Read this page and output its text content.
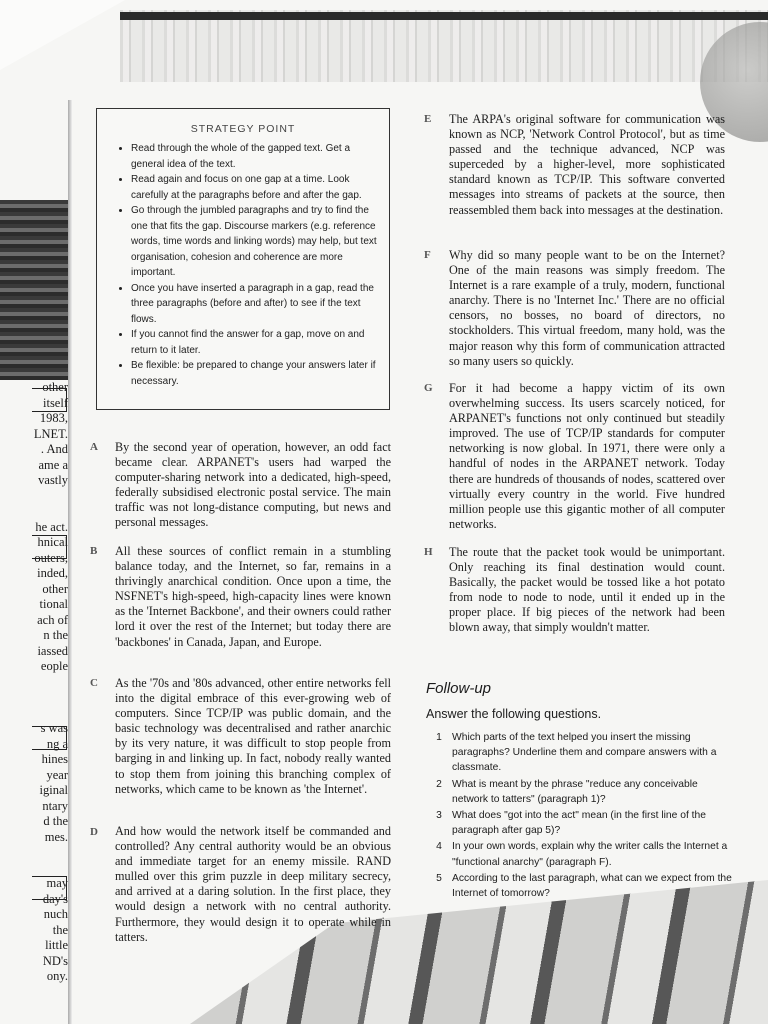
other
itself
1983,
LNET.
. And
ame a
vastly
he act.
hnical
outers,
inded,
other
tional
ach of
n the
iassed
eople
s was
ng a
hines
year
iginal
ntary
d the
mes.
may
day's
nuch
the
little
ND's
ony.
STRATEGY POINT
• Read through the whole of the gapped text. Get a general idea of the text.
• Read again and focus on one gap at a time. Look carefully at the paragraphs before and after the gap.
• Go through the jumbled paragraphs and try to find the one that fits the gap. Discourse markers (e.g. reference words, time words and linking words) may help, but text organisation, cohesion and coherence are more important.
• Once you have inserted a paragraph in a gap, read the three paragraphs (before and after) to see if the text flows.
• If you cannot find the answer for a gap, move on and return to it later.
• Be flexible: be prepared to change your answers later if necessary.
A By the second year of operation, however, an odd fact became clear. ARPANET's users had warped the computer-sharing network into a dedicated, high-speed, federally subsidised electronic postal service. The main traffic was not long-distance computing, but news and personal messages.
B All these sources of conflict remain in a stumbling balance today, and the Internet, so far, remains in a thrivingly anarchical condition. Once upon a time, the NSFNET's high-speed, high-capacity lines were known as the 'Internet Backbone', and their owners could rather lord it over the rest of the Internet; but today there are 'backbones' in Canada, Japan, and Europe.
C As the '70s and '80s advanced, other entire networks fell into the digital embrace of this ever-growing web of computers. Since TCP/IP was public domain, and the basic technology was decentralised and rather anarchic by its very nature, it was difficult to stop people from barging in and linking up. In fact, nobody really wanted to stop them from joining this branching complex of networks, which came to be known as 'the Internet'.
D And how would the network itself be commanded and controlled? Any central authority would be an obvious and immediate target for an enemy missile. RAND mulled over this grim puzzle in deep military secrecy, and arrived at a daring solution. In the first place, they would design a network with no central authority. Furthermore, they would design it to operate while in tatters.
E The ARPA's original software for communication was known as NCP, 'Network Control Protocol', but as time passed and the technique advanced, NCP was superceded by a higher-level, more sophisticated standard known as TCP/IP. This software converted messages into streams of packets at the source, then reassembled them back into messages at the destination.
F Why did so many people want to be on the Internet? One of the main reasons was simply freedom. The Internet is a rare example of a truly, modern, functional anarchy. There is no 'Internet Inc.' There are no official censors, no bosses, no board of directors, no stockholders. This virtual freedom, many hold, was the major reason why this form of communication attracted so many users so quickly.
G For it had become a happy victim of its own overwhelming success. Its users scarcely noticed, for ARPANET's functions not only continued but steadily improved. The use of TCP/IP standards for computer networking is now global. In 1971, there were only a handful of nodes in the ARPANET network. Today there are hundreds of thousands of nodes, scattered over virtually every country in the world. Five hundred million people use this gigantic mother of all computer networks.
H The route that the packet took would be unimportant. Only reaching its final destination would count. Basically, the packet would be tossed like a hot potato from node to node to node, until it ended up in the proper place. If big pieces of the network had been blown away, that simply wouldn't matter.
Follow-up
Answer the following questions.
1 Which parts of the text helped you insert the missing paragraphs? Underline them and compare answers with a classmate.
2 What is meant by the phrase "reduce any conceivable network to tatters" (paragraph 1)?
3 What does "got into the act" mean (in the first line of the paragraph after gap 5)?
4 In your own words, explain why the writer calls the Internet a "functional anarchy" (paragraph F).
5 According to the last paragraph, what can we expect from the Internet of tomorrow?
